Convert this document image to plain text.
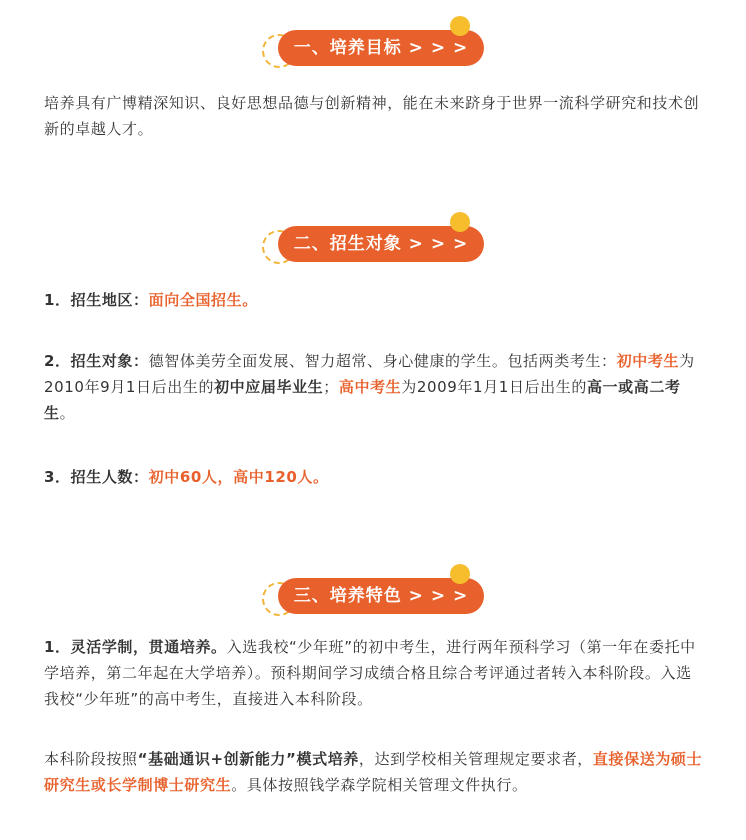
一、培养目标 > > >

培养具有广博精深知识、良好思想品德与创新精神，能在未来跻身于世界一流科学研究和技术创新的卓越人才。

二、招生对象 > > >

1．招生地区：面向全国招生。

2．招生对象：德智体美劳全面发展、智力超常、身心健康的学生。包括两类考生：初中考生为2010年9月1日后出生的初中应届毕业生；高中考生为2009年1月1日后出生的高一或高二考生。

3．招生人数：初中60人，高中120人。

三、培养特色 > > >

1．灵活学制，贯通培养。入选我校“少年班”的初中考生，进行两年预科学习（第一年在委托中学培养，第二年起在大学培养）。预科期间学习成绩合格且综合考评通过者转入本科阶段。入选我校“少年班”的高中考生，直接进入本科阶段。

本科阶段按照“基础通识+创新能力”模式培养，达到学校相关管理规定要求者，直接保送为硕士研究生或长学制博士研究生。具体按照钱学森学院相关管理文件执行。
